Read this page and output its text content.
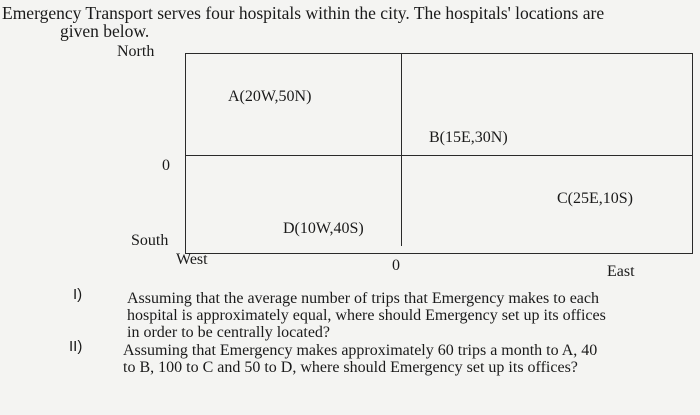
Emergency Transport serves four hospitals within the city. The hospitals' locations are
given below.
North
0
A(20W,50N)
B(15E,30N)
C(25E,10S)
D(10W,40S)
South
West	0	East
I)	Assuming that the average number of trips that Emergency makes to each
hospital is approximately equal, where should Emergency set up its offices
in order to be centrally located?
II)	Assuming that Emergency makes approximately 60 trips a month to A, 40
to B, 100 to C and 50 to D, where should Emergency set up its offices?
